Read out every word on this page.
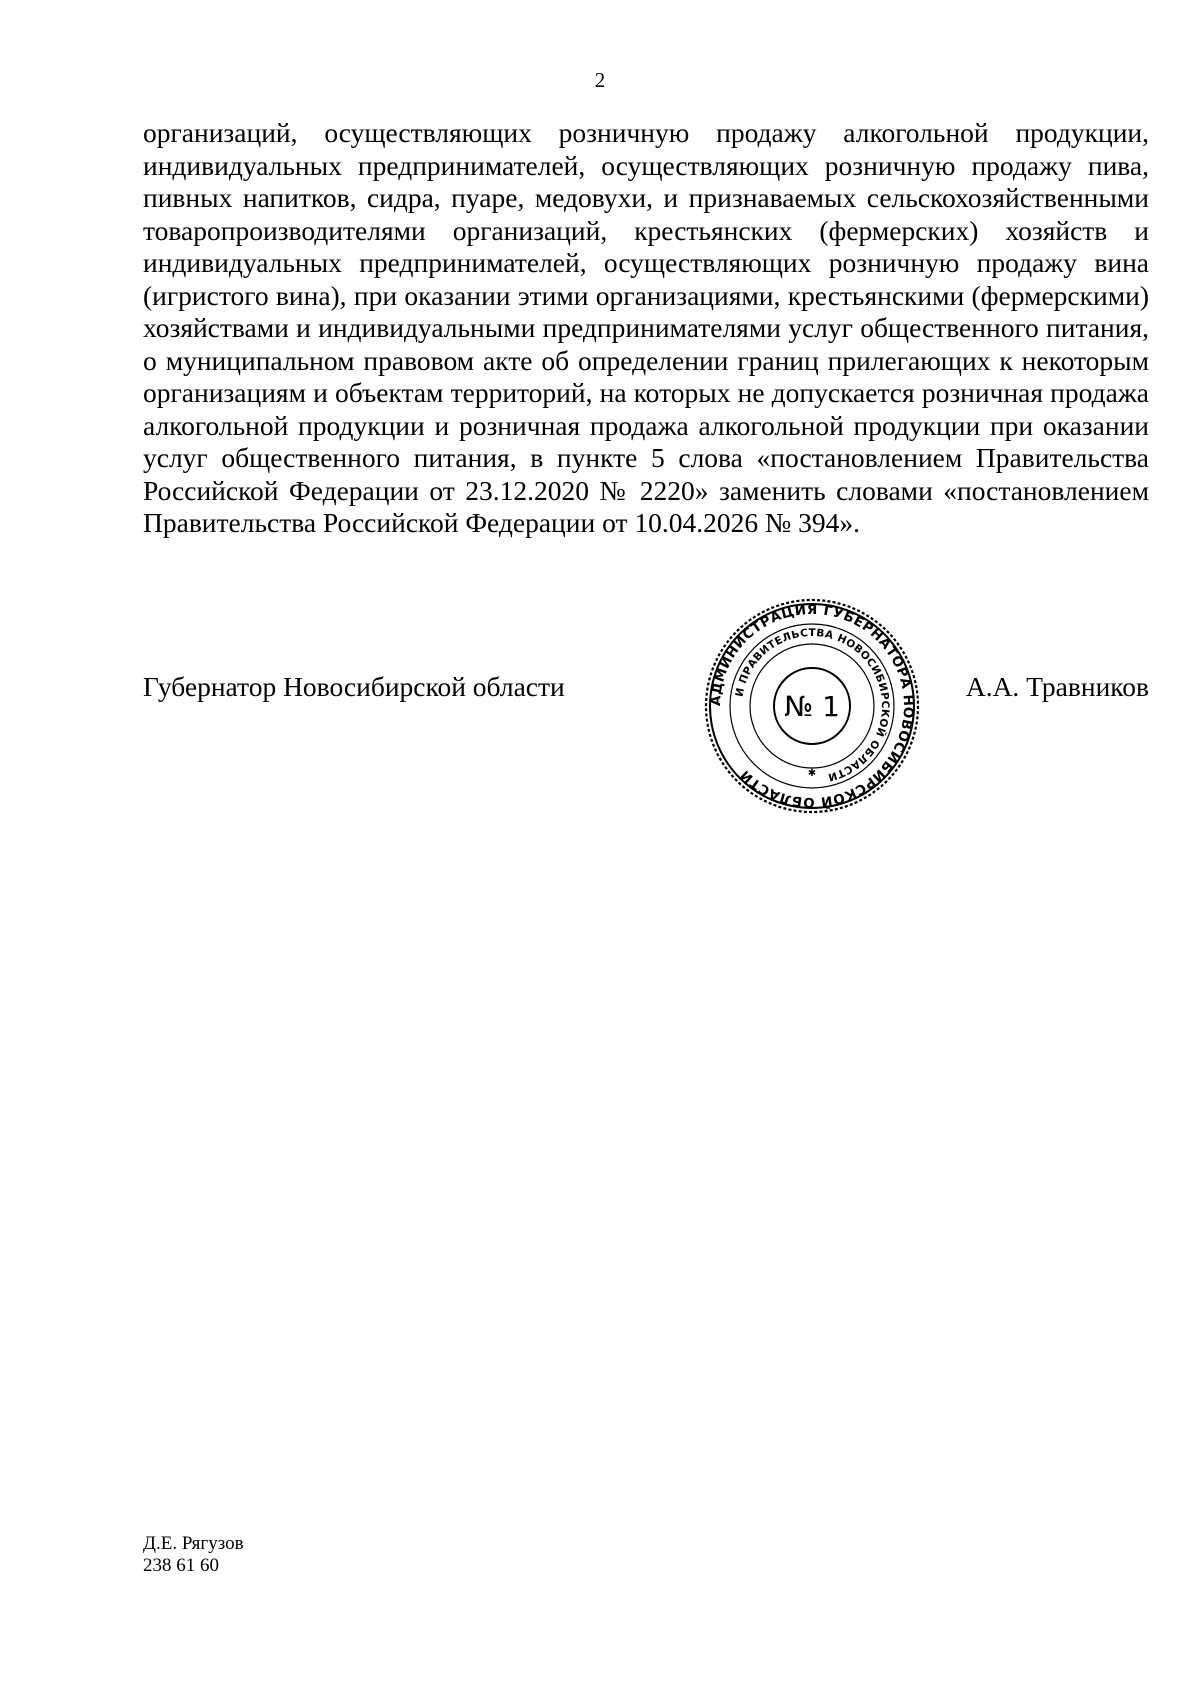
2

организаций, осуществляющих розничную продажу алкогольной продукции, индивидуальных предпринимателей, осуществляющих розничную продажу пива, пивных напитков, сидра, пуаре, медовухи, и признаваемых сельскохозяйственными товаропроизводителями организаций, крестьянских (фермерских) хозяйств и индивидуальных предпринимателей, осуществляющих розничную продажу вина (игристого вина), при оказании этими организациями, крестьянскими (фермерскими) хозяйствами и индивидуальными предпринимателями услуг общественного питания, о муниципальном правовом акте об определении границ прилегающих к некоторым организациям и объектам территорий, на которых не допускается розничная продажа алкогольной продукции и розничная продажа алкогольной продукции при оказании услуг общественного питания, в пункте 5 слова «постановлением Правительства Российской Федерации от 23.12.2020 № 2220» заменить словами «постановлением Правительства Российской Федерации от 10.04.2026 № 394».

Губернатор Новосибирской области	АДМИНИСТРАЦИЯ ГУБЕРНАТОРА НОВОСИБИРСКОЙ ОБЛАСТИ
И ПРАВИТЕЛЬСТВА НОВОСИБИРСКОЙ ОБЛАСТИ
№ 1
✱
А.А. Травников
Д.Е. Рягузов
238 61 60
